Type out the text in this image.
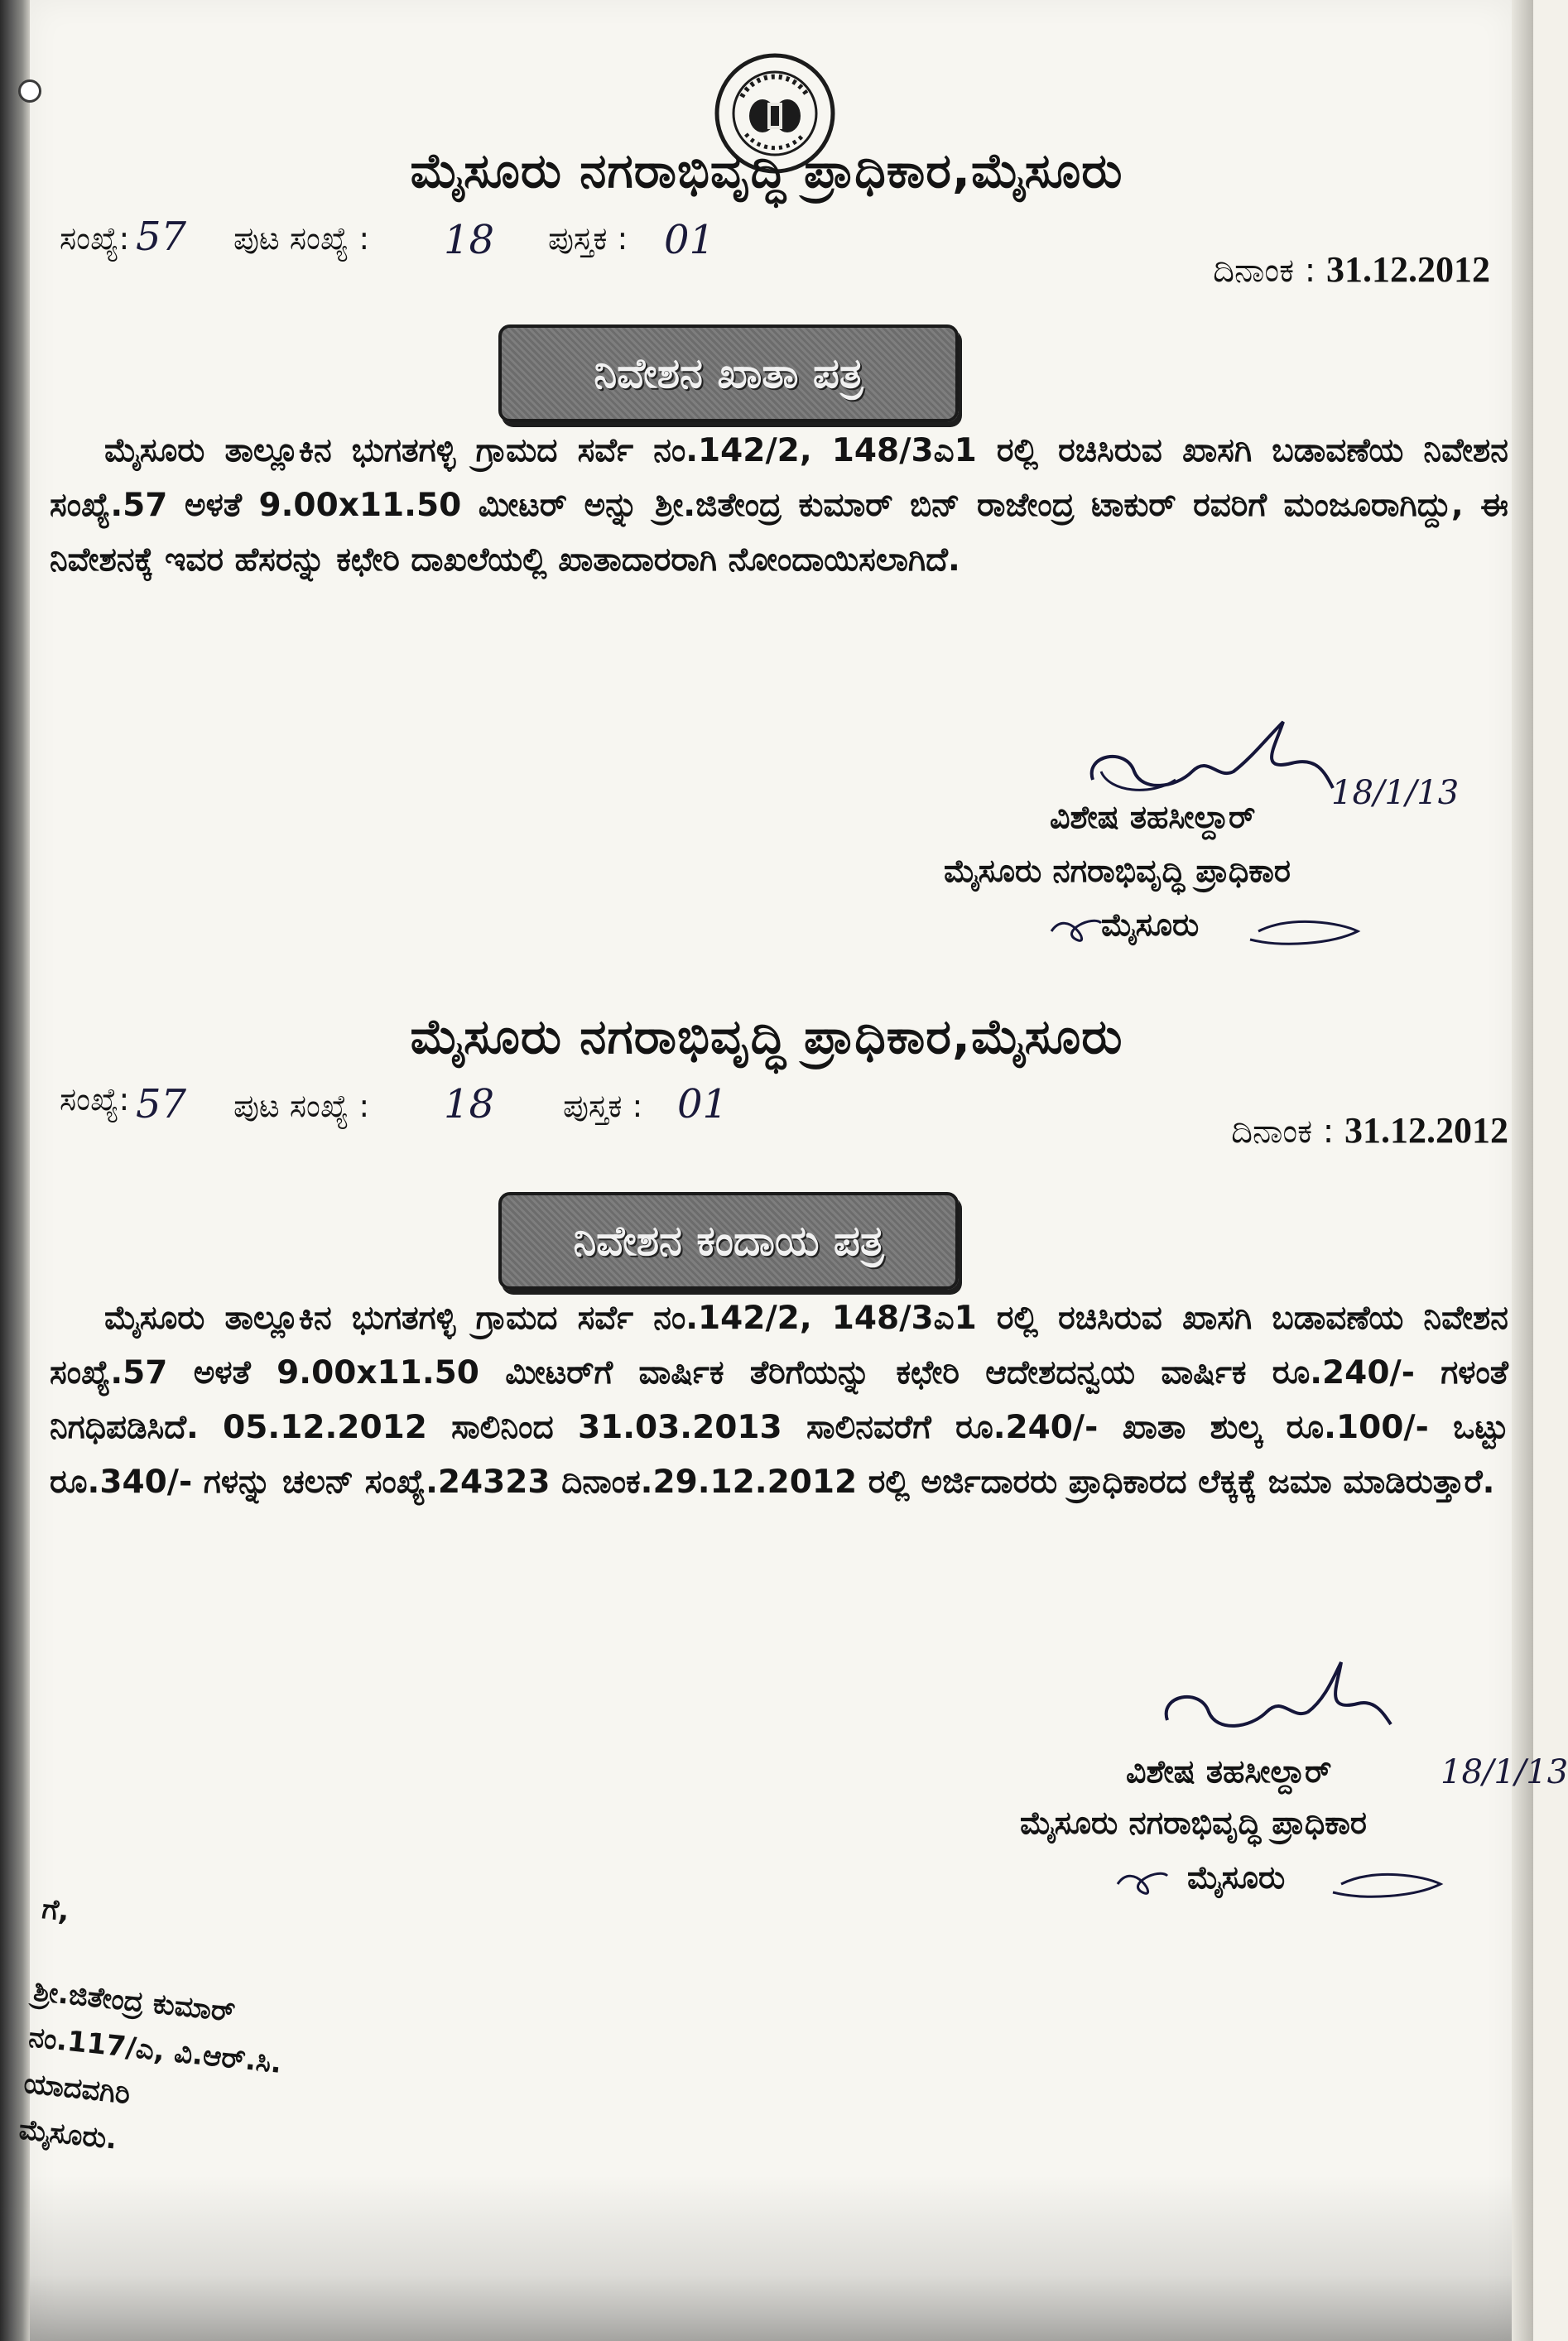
ಮೈಸೂರು ನಗರಾಭಿವೃದ್ಧಿ ಪ್ರಾಧಿಕಾರ,ಮೈಸೂರು
ಸಂಖ್ಯೆ: 57 ಪುಟ ಸಂಖ್ಯೆ : 18 ಪುಸ್ತಕ : 01
ದಿನಾಂಕ : 31.12.2012
ನಿವೇಶನ ಖಾತಾ ಪತ್ರ
ಮೈಸೂರು ತಾಲ್ಲೂಕಿನ ಭುಗತಗಳ್ಳಿ ಗ್ರಾಮದ ಸರ್ವೆ ನಂ.142/2, 148/3ಎ1 ರಲ್ಲಿ ರಚಿಸಿರುವ ಖಾಸಗಿ ಬಡಾವಣೆಯ ನಿವೇಶನ ಸಂಖ್ಯೆ.57 ಅಳತೆ 9.00x11.50 ಮೀಟರ್ ಅನ್ನು ಶ್ರೀ.ಜಿತೇಂದ್ರ ಕುಮಾರ್ ಬಿನ್ ರಾಜೇಂದ್ರ ಟಾಕುರ್ ರವರಿಗೆ ಮಂಜೂರಾಗಿದ್ದು, ಈ ನಿವೇಶನಕ್ಕೆ ಇವರ ಹೆಸರನ್ನು ಕಛೇರಿ ದಾಖಲೆಯಲ್ಲಿ ಖಾತಾದಾರರಾಗಿ ನೋಂದಾಯಿಸಲಾಗಿದೆ.
18/1/13
ವಿಶೇಷ ತಹಸೀಲ್ದಾರ್
ಮೈಸೂರು ನಗರಾಭಿವೃದ್ಧಿ ಪ್ರಾಧಿಕಾರ
ಮೈಸೂರು
ಮೈಸೂರು ನಗರಾಭಿವೃದ್ಧಿ ಪ್ರಾಧಿಕಾರ,ಮೈಸೂರು
ಸಂಖ್ಯೆ: 57 ಪುಟ ಸಂಖ್ಯೆ : 18 ಪುಸ್ತಕ : 01
ದಿನಾಂಕ : 31.12.2012
ನಿವೇಶನ ಕಂದಾಯ ಪತ್ರ
ಮೈಸೂರು ತಾಲ್ಲೂಕಿನ ಭುಗತಗಳ್ಳಿ ಗ್ರಾಮದ ಸರ್ವೆ ನಂ.142/2, 148/3ಎ1 ರಲ್ಲಿ ರಚಿಸಿರುವ ಖಾಸಗಿ ಬಡಾವಣೆಯ ನಿವೇಶನ ಸಂಖ್ಯೆ.57 ಅಳತೆ 9.00x11.50 ಮೀಟರ್‌ಗೆ ವಾರ್ಷಿಕ ತೆರಿಗೆಯನ್ನು ಕಛೇರಿ ಆದೇಶದನ್ವಯ ವಾರ್ಷಿಕ ರೂ.240/- ಗಳಂತೆ ನಿಗಧಿಪಡಿಸಿದೆ. 05.12.2012 ಸಾಲಿನಿಂದ 31.03.2013 ಸಾಲಿನವರೆಗೆ ರೂ.240/- ಖಾತಾ ಶುಲ್ಕ ರೂ.100/- ಒಟ್ಟು ರೂ.340/- ಗಳನ್ನು ಚಲನ್ ಸಂಖ್ಯೆ.24323 ದಿನಾಂಕ.29.12.2012 ರಲ್ಲಿ ಅರ್ಜಿದಾರರು ಪ್ರಾಧಿಕಾರದ ಲೆಕ್ಕಕ್ಕೆ ಜಮಾ ಮಾಡಿರುತ್ತಾರೆ.
18/1/13
ವಿಶೇಷ ತಹಸೀಲ್ದಾರ್
ಮೈಸೂರು ನಗರಾಭಿವೃದ್ಧಿ ಪ್ರಾಧಿಕಾರ
ಮೈಸೂರು
ಗೆ,
ಶ್ರೀ.ಜಿತೇಂದ್ರ ಕುಮಾರ್
ನಂ.117/ಎ, ವಿ.ಆರ್.ಸಿ.
ಯಾದವಗಿರಿ
ಮೈಸೂರು.
